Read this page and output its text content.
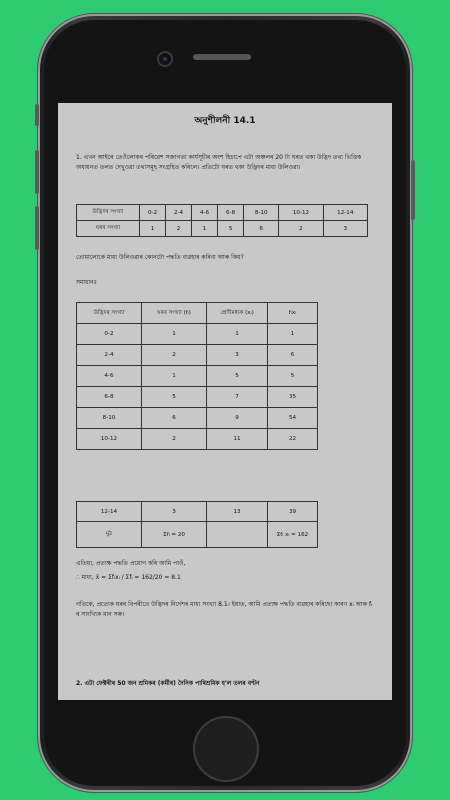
অনুশীলনী 14.1
1. এখন আইৰে তেওঁলোকৰ পৰিৱেশ সজাগতা কাৰ্যসূচীৰ অংশ হিচাপে এটা অঞ্চলৰ 20 টা ঘৰত থকা উদ্ভিদ তথ্য ভিত্তিক অধ্যয়নত তলত দেখুওৱা তথ্যসমূহ সংগ্ৰহিত কৰিলে। প্ৰতিটো ঘৰত থকা উদ্ভিদৰ মাধ্য উলিওৱা।
উদ্ভিদৰ সংখ্যা	0-2	2-4	4-6	6-8	8-10	10-12	12-14
ঘৰৰ সংখ্যা	1	2	1	5	6	2	3
তোমালোকে মাধ্য উলিওৱাৰ কোনটো পদ্ধতি ব্যৱহাৰ কৰিবা আৰু কিয়?
সমাধানঃ
উদ্ভিদৰ সংখ্যা	ঘৰৰ সংখ্যা (fᵢ)	শ্ৰেণীমধ্যক (xᵢ)	fᵢxᵢ
0-2	1	1	1
2-4	2	3	6
4-6	1	5	5
6-8	5	7	35
8-10	6	9	54
10-12	2	11	22
12-14	3	13	39
মুঠ	Σfᵢ = 20		Σfᵢ xᵢ = 162
এতিয়া, প্ৰত্যক্ষ পদ্ধতি প্ৰয়োগ কৰি আমি পাওঁ,
∴ মাধ্য, x̄ = Σfᵢxᵢ / Σfᵢ = 162/20 = 8.1
গতিকে, প্ৰত্যেক ঘৰৰ বিপৰীতে উদ্ভিদৰ নিৰ্দেশৰ মাধ্য সংখ্যা 8.1। ইয়াত, আমি প্ৰত্যক্ষ পদ্ধতি ব্যৱহাৰ কৰিছো কাৰণ xᵢ আৰু fᵢ ৰ সাংখ্যিক মান সৰু।
2. এটা ফেক্টৰীৰ 50 জন শ্ৰমিকৰ (কৰ্মীৰ) দৈনিক পাৰিশ্ৰমিক হ'ল তলৰ বণ্টন
